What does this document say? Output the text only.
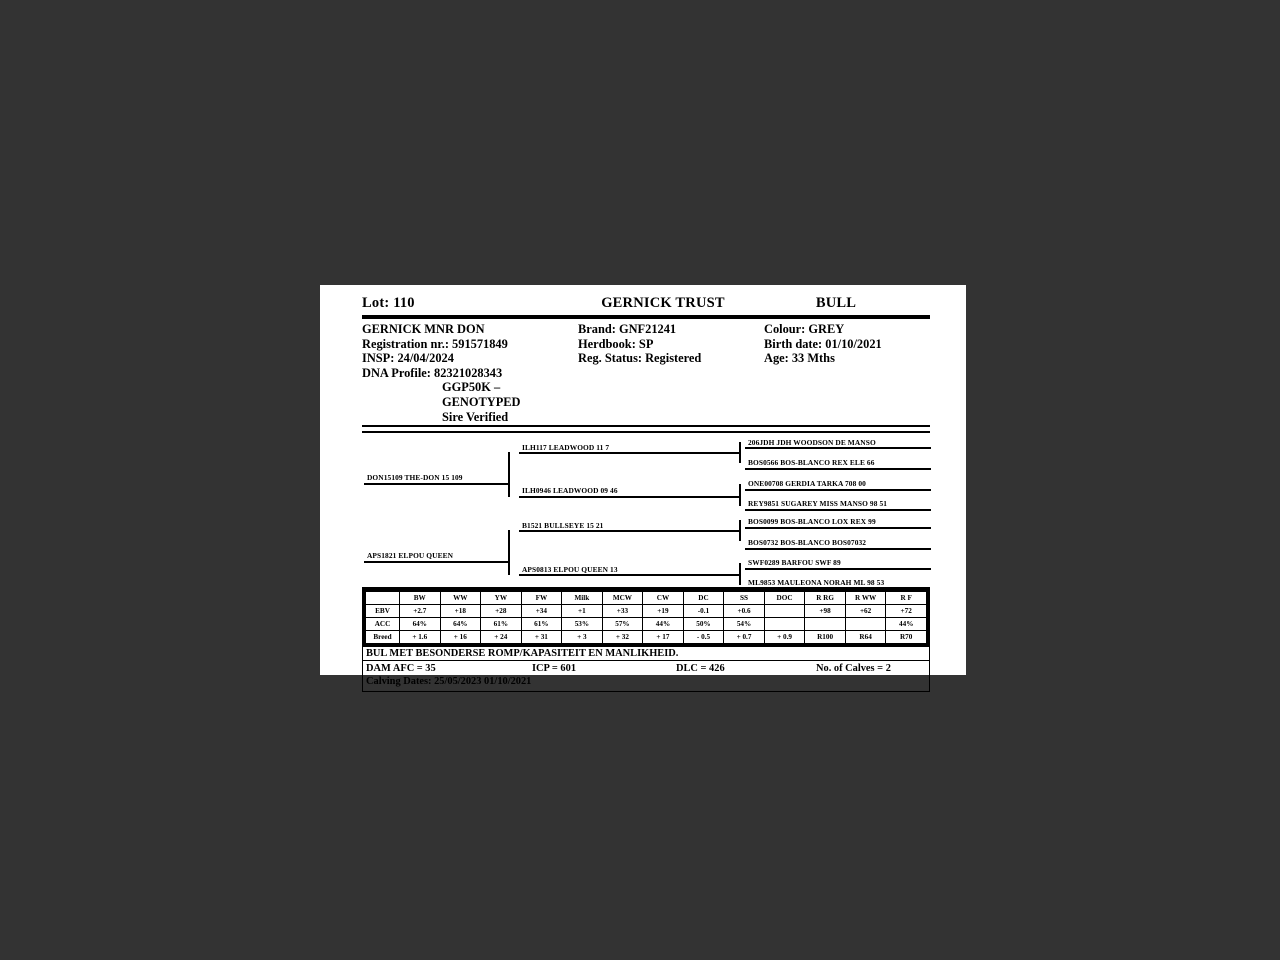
Lot: 110	GERNICK TRUST	BULL
GERNICK MNR DON
Registration nr.: 591571849
INSP: 24/04/2024
DNA Profile: 82321028343
GGP50K – GENOTYPED
Sire Verified
Brand: GNF21241
Herdbook: SP
Reg. Status: Registered
Colour: GREY
Birth date: 01/10/2021
Age: 33 Mths
DON15109 THE-DON 15 109
APS1821 ELPOU QUEEN
ILH117 LEADWOOD 11 7
ILH0946 LEADWOOD 09 46
B1521 BULLSEYE 15 21
APS0813 ELPOU QUEEN 13
206JDH JDH WOODSON DE MANSO
BOS0566 BOS-BLANCO REX ELE 66
ONE00708 GERDIA TARKA 708 00
REY9851 SUGAREY MISS MANSO 98 51
BOS0099 BOS-BLANCO LOX REX 99
BOS0732 BOS-BLANCO BOS07032
SWF0289 BARFOU SWF 89
ML9853 MAULEONA NORAH ML 98 53
	BW	WW	YW	FW	Milk	MCW	CW	DC	SS	DOC	R RG	R WW	R F
EBV	+2.7	+18	+28	+34	+1	+33	+19	-0.1	+0.6		+98	+62	+72
ACC	64%	64%	61%	61%	53%	57%	44%	50%	54%				44%
Breed	+ 1.6	+ 16	+ 24	+ 31	+ 3	+ 32	+ 17	- 0.5	+ 0.7	+ 0.9	R100	R64	R70
BUL MET BESONDERSE ROMP/KAPASITEIT EN MANLIKHEID.
DAM AFC = 35	ICP = 601	DLC = 426	No. of Calves = 2
Calving Dates: 25/05/2023 01/10/2021
